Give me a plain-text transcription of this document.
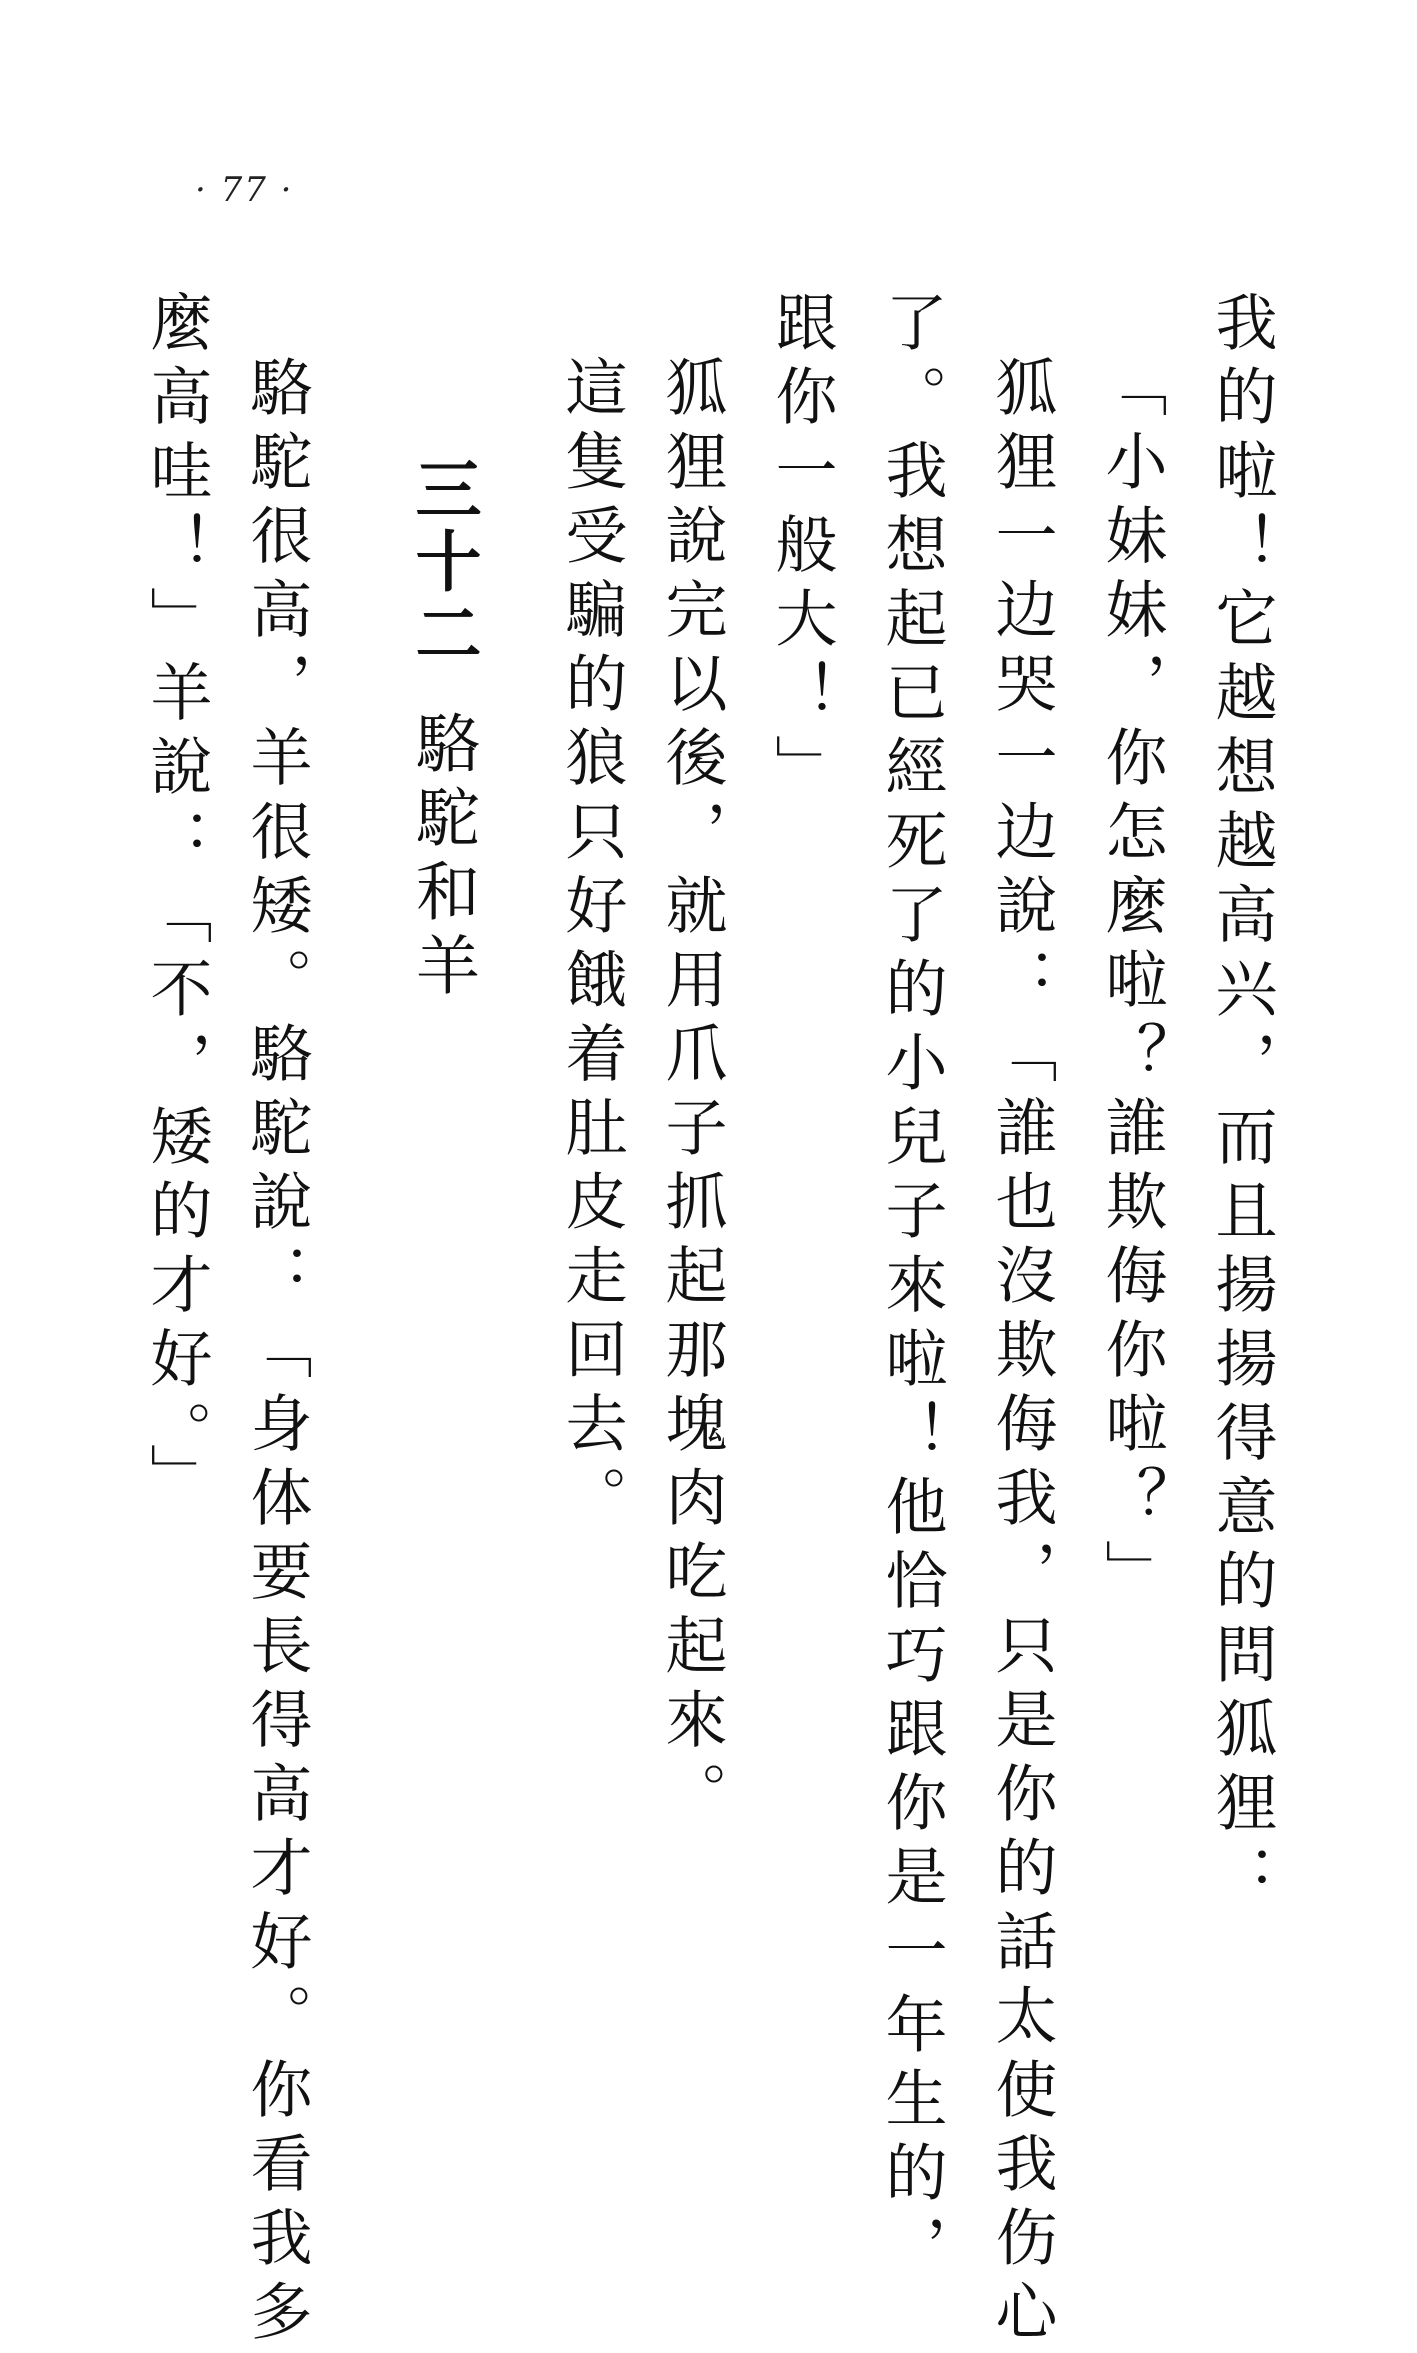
· 77 ·
我的啦！它越想越高兴，而且揚揚得意的問狐狸：
「小妹妹，你怎麼啦？誰欺侮你啦？」
狐狸一边哭一边說：「誰也沒欺侮我，只是你的話太使我伤心
了。我想起已經死了的小兒子來啦！他恰巧跟你是一年生的，
跟你一般大！」
狐狸說完以後，就用爪子抓起那塊肉吃起來。
這隻受騙的狼只好餓着肚皮走回去。
三十二
駱駝和羊
駱駝很高，羊很矮。駱駝說：「身体要長得高才好。你看我多
麼高哇！」羊說：「不，矮的才好。」
